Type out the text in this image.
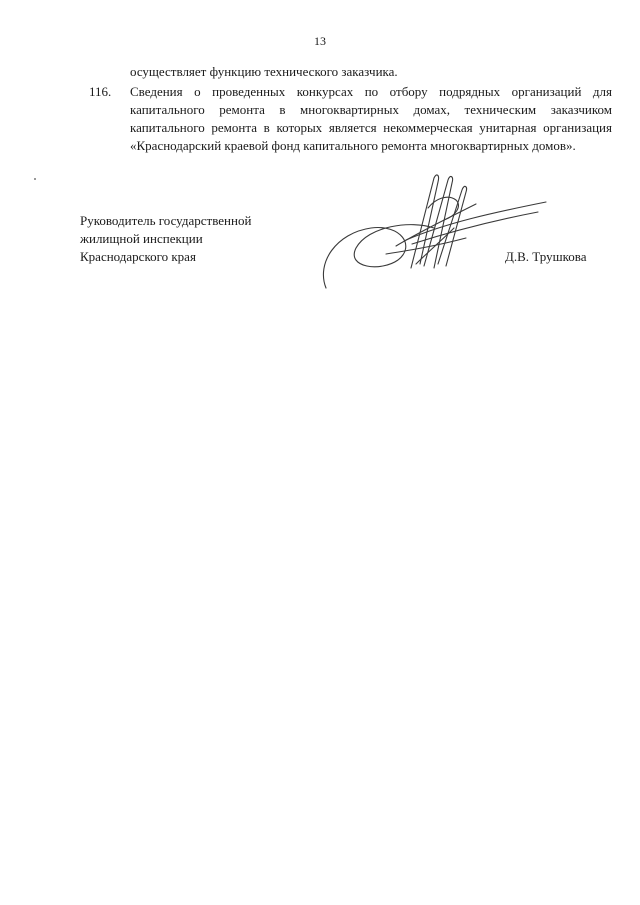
13
осуществляет функцию технического заказчика.
116.	Сведения о проведенных конкурсах по отбору подрядных организаций для капитального ремонта в многоквартирных домах, техническим заказчиком капитального ремонта в которых является некоммерческая унитарная организация «Краснодарский краевой фонд капитального ремонта многоквартирных домов».
Руководитель государственной
жилищной инспекции
Краснодарского края	Д.В. Трушкова
